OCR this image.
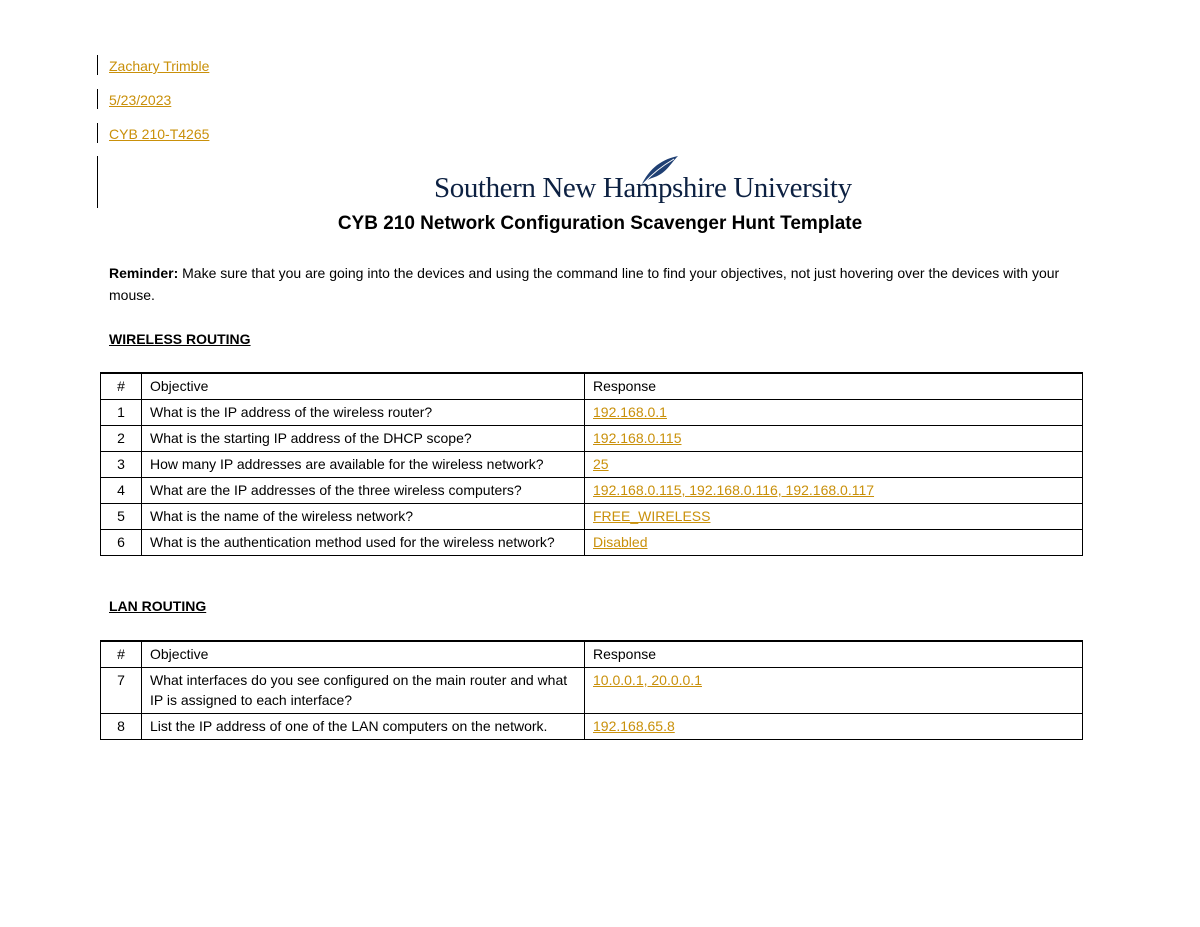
Zachary Trimble
5/23/2023
CYB 210-T4265
Southern New Hampshire University
CYB 210 Network Configuration Scavenger Hunt Template
Reminder: Make sure that you are going into the devices and using the command line to find your objectives, not just hovering over the devices with your mouse.
WIRELESS ROUTING
#	Objective	Response
1	What is the IP address of the wireless router?	192.168.0.1
2	What is the starting IP address of the DHCP scope?	192.168.0.115
3	How many IP addresses are available for the wireless network?	25
4	What are the IP addresses of the three wireless computers?	192.168.0.115, 192.168.0.116, 192.168.0.117
5	What is the name of the wireless network?	FREE_WIRELESS
6	What is the authentication method used for the wireless network?	Disabled
LAN ROUTING
#	Objective	Response
7	What interfaces do you see configured on the main router and what IP is assigned to each interface?	10.0.0.1, 20.0.0.1
8	List the IP address of one of the LAN computers on the network.	192.168.65.8
